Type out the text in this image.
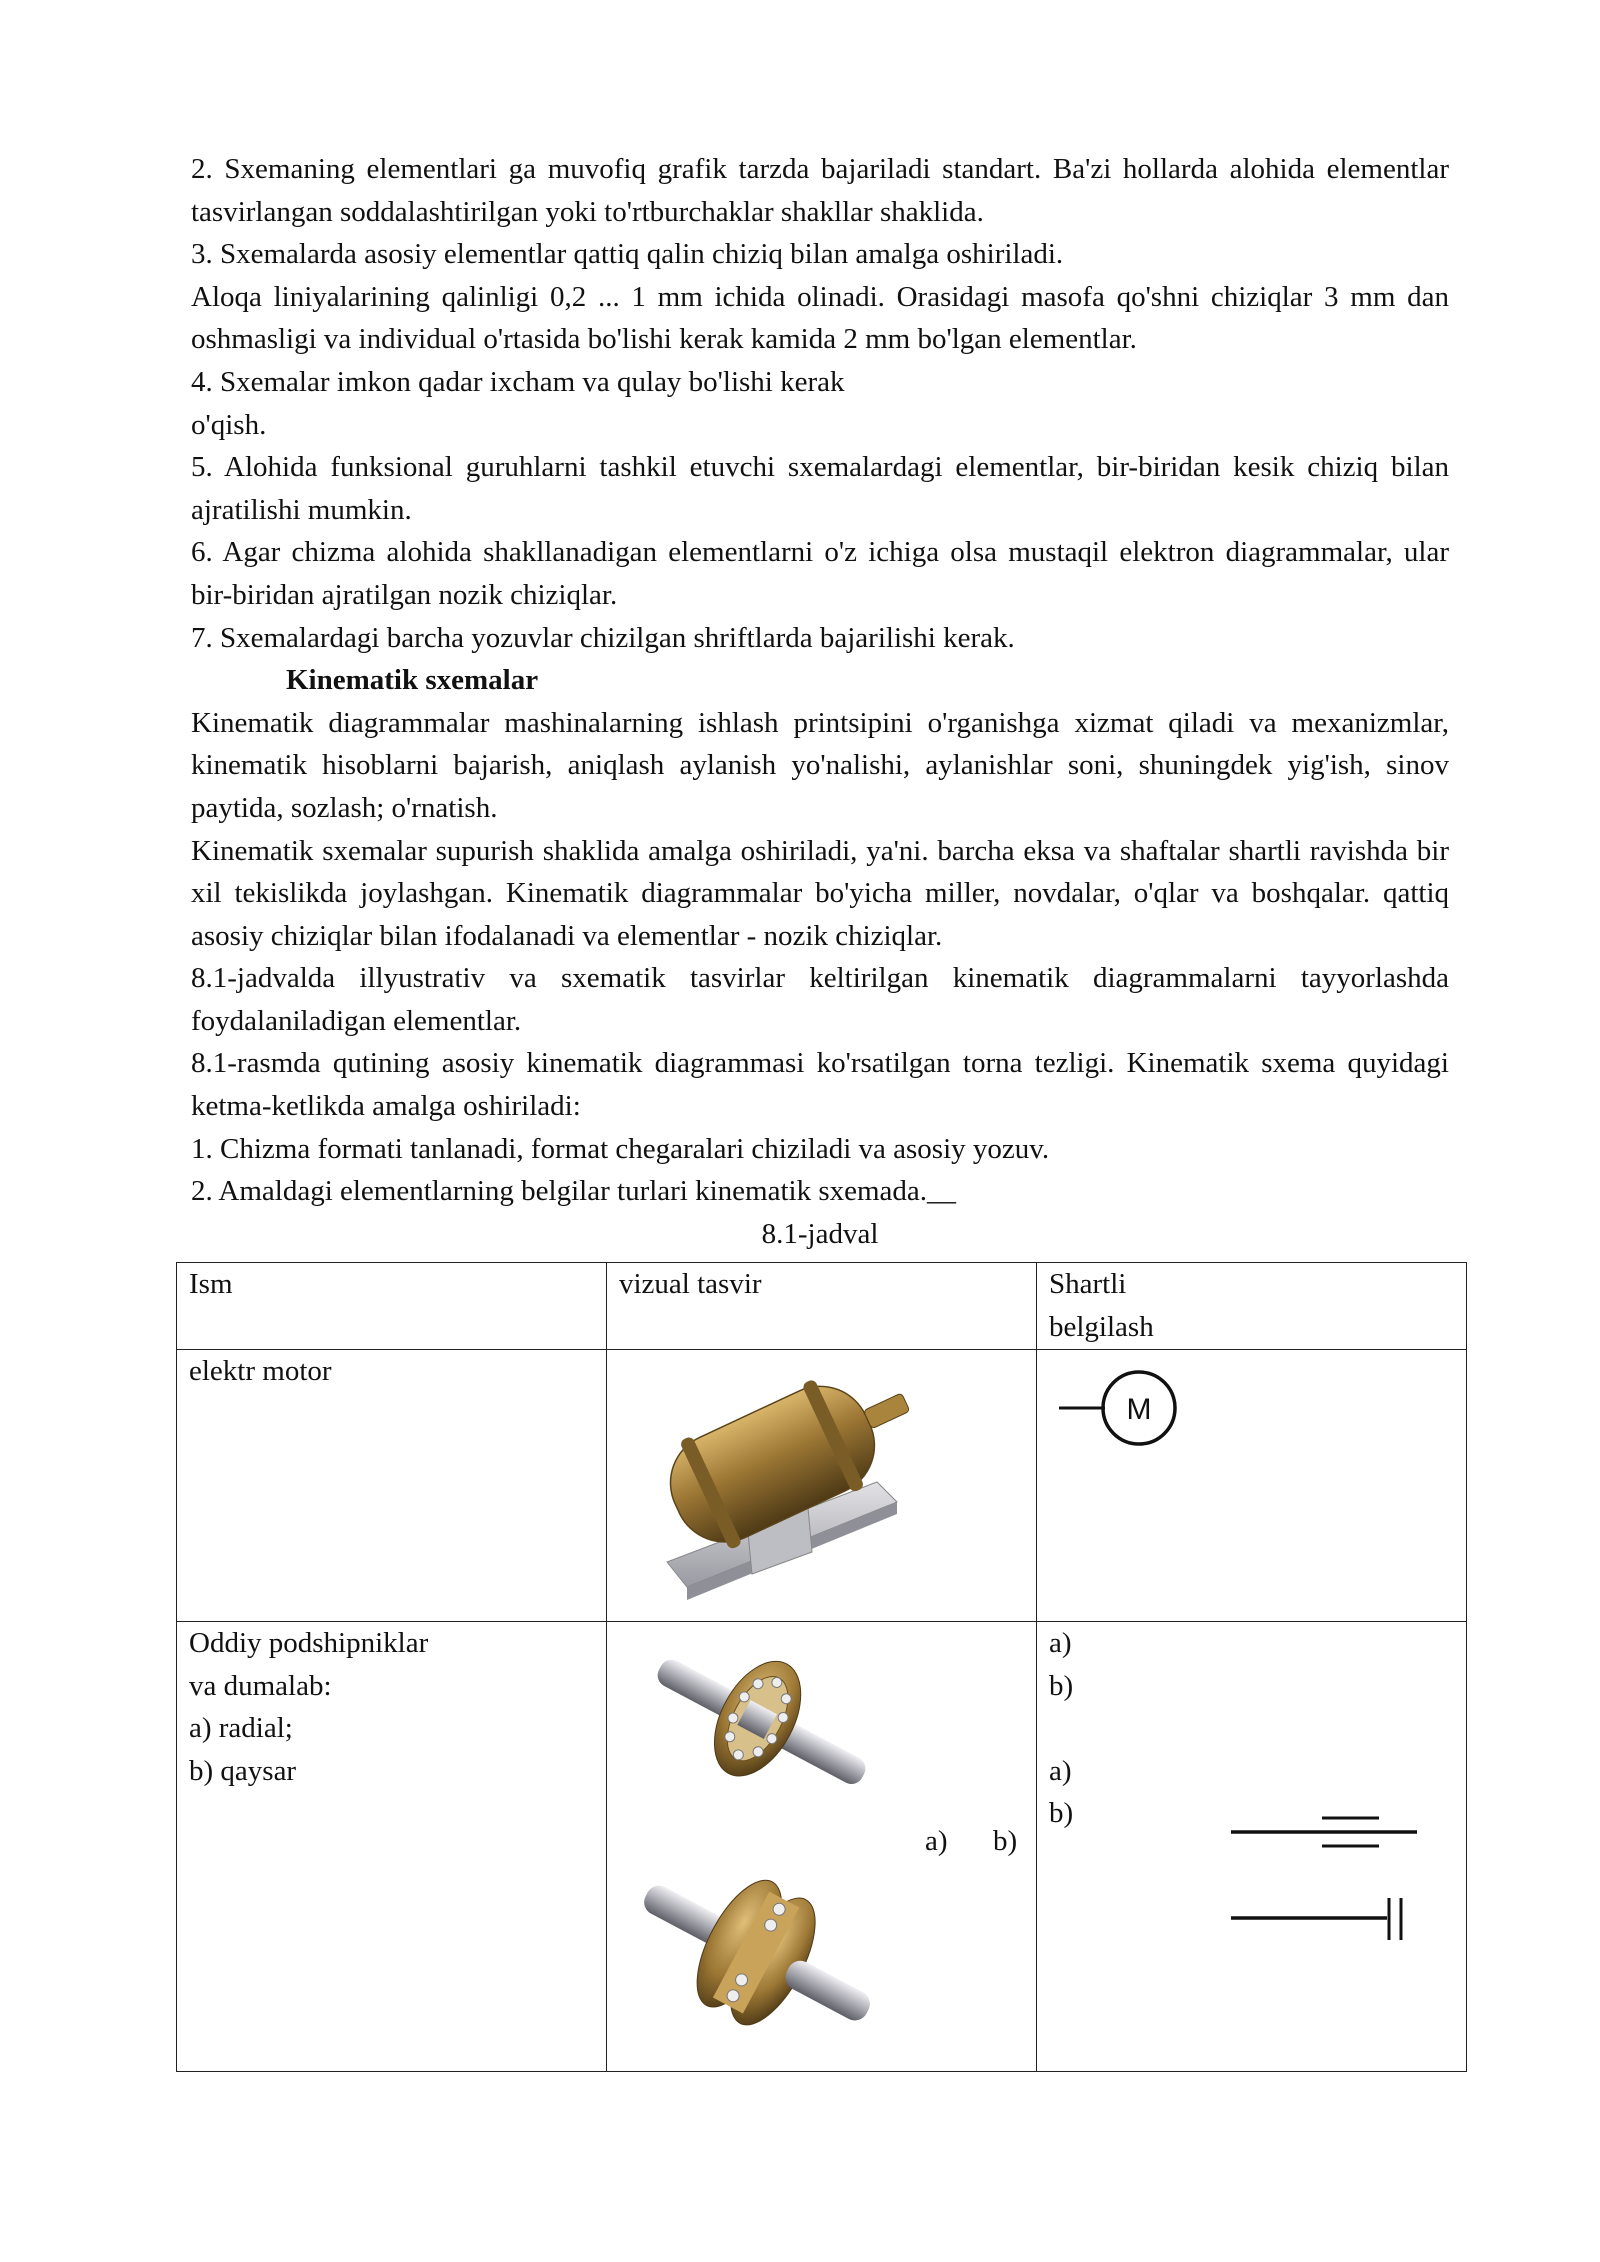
2. Sxemaning elementlari ga muvofiq grafik tarzda bajariladi standart. Ba'zi hollarda alohida elementlar tasvirlangan soddalashtirilgan yoki to'rtburchaklar shakllar shaklida.

3. Sxemalarda asosiy elementlar qattiq qalin chiziq bilan amalga oshiriladi.

Aloqa liniyalarining qalinligi 0,2 ... 1 mm ichida olinadi. Orasidagi masofa qo'shni chiziqlar 3 mm dan oshmasligi va individual o'rtasida bo'lishi kerak kamida 2 mm bo'lgan elementlar.

4. Sxemalar imkon qadar ixcham va qulay bo'lishi kerak

o'qish.

5. Alohida funksional guruhlarni tashkil etuvchi sxemalardagi elementlar, bir-biridan kesik chiziq bilan ajratilishi mumkin.

6. Agar chizma alohida shakllanadigan elementlarni o'z ichiga olsa mustaqil elektron diagrammalar, ular bir-biridan ajratilgan nozik chiziqlar.

7. Sxemalardagi barcha yozuvlar chizilgan shriftlarda bajarilishi kerak.

Kinematik sxemalar

Kinematik diagrammalar mashinalarning ishlash printsipini o'rganishga xizmat qiladi va mexanizmlar, kinematik hisoblarni bajarish, aniqlash aylanish yo'nalishi, aylanishlar soni, shuningdek yig'ish, sinov paytida, sozlash; o'rnatish.

Kinematik sxemalar supurish shaklida amalga oshiriladi, ya'ni. barcha eksa va shaftalar shartli ravishda bir xil tekislikda joylashgan. Kinematik diagrammalar bo'yicha miller, novdalar, o'qlar va boshqalar. qattiq asosiy chiziqlar bilan ifodalanadi va elementlar - nozik chiziqlar.

8.1-jadvalda illyustrativ va sxematik tasvirlar keltirilgan kinematik diagrammalarni tayyorlashda foydalaniladigan elementlar.

8.1-rasmda qutining asosiy kinematik diagrammasi ko'rsatilgan torna tezligi. Kinematik sxema quyidagi ketma-ketlikda amalga oshiriladi:

1. Chizma formati tanlanadi, format chegaralari chiziladi va asosiy yozuv.

2. Amaldagi elementlarning belgilar turlari kinematik sxemada.__

8.1-jadval

Ism	vizual tasvir	Shartli
belgilash

elektr motor		M

Oddiy podshipniklar
va dumalab:
a) radial;
b) qaysar	a) b)	a)
b)
a)
b)
